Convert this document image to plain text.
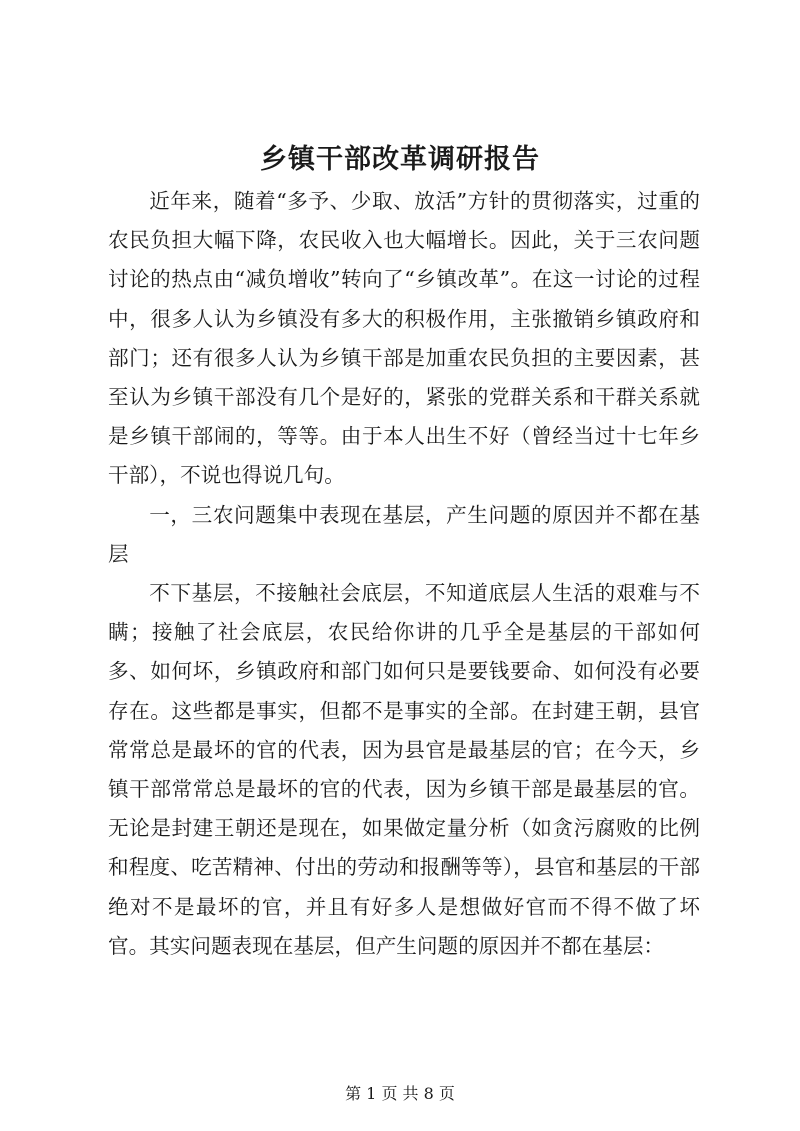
乡镇干部改革调研报告

近年来，随着“多予、少取、放活”方针的贯彻落实，过重的农民负担大幅下降，农民收入也大幅增长。因此，关于三农问题讨论的热点由“减负增收”转向了“乡镇改革”。在这一讨论的过程中，很多人认为乡镇没有多大的积极作用，主张撤销乡镇政府和部门；还有很多人认为乡镇干部是加重农民负担的主要因素，甚至认为乡镇干部没有几个是好的，紧张的党群关系和干群关系就是乡镇干部闹的，等等。由于本人出生不好（曾经当过十七年乡干部），不说也得说几句。

一，三农问题集中表现在基层，产生问题的原因并不都在基层

不下基层，不接触社会底层，不知道底层人生活的艰难与不瞒；接触了社会底层，农民给你讲的几乎全是基层的干部如何多、如何坏，乡镇政府和部门如何只是要钱要命、如何没有必要存在。这些都是事实，但都不是事实的全部。在封建王朝，县官常常总是最坏的官的代表，因为县官是最基层的官；在今天，乡镇干部常常总是最坏的官的代表，因为乡镇干部是最基层的官。无论是封建王朝还是现在，如果做定量分析（如贪污腐败的比例和程度、吃苦精神、付出的劳动和报酬等等），县官和基层的干部绝对不是最坏的官，并且有好多人是想做好官而不得不做了坏官。其实问题表现在基层，但产生问题的原因并不都在基层：

第 1 页 共 8 页
